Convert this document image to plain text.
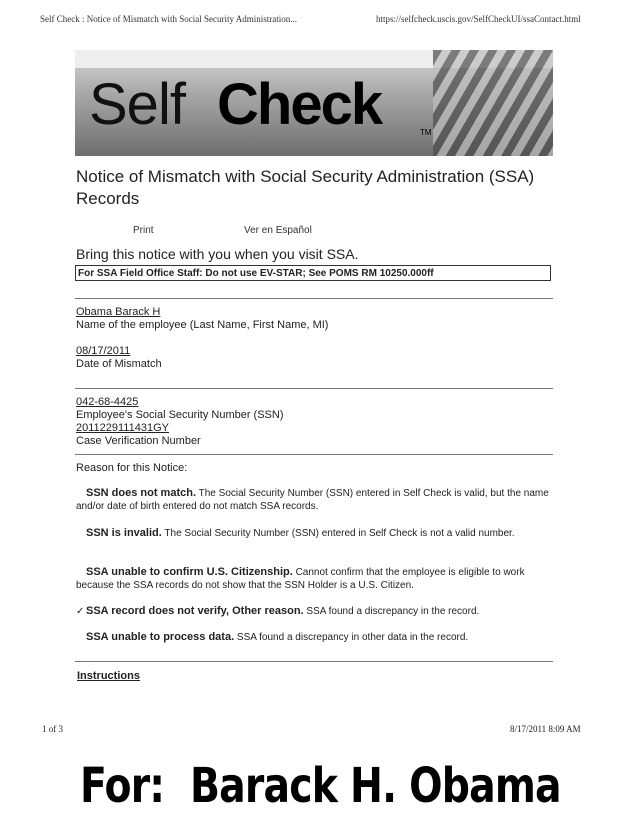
Self Check : Notice of Mismatch with Social Security Administration...	https://selfcheck.uscis.gov/SelfCheckUI/ssaContact.html
Self Check	TM
Notice of Mismatch with Social Security Administration (SSA) Records
Print	Ver en Español
Bring this notice with you when you visit SSA.
For SSA Field Office Staff: Do not use EV-STAR; See POMS RM 10250.000ff
Obama Barack H
Name of the employee (Last Name, First Name, MI)
08/17/2011
Date of Mismatch
042-68-4425
Employee's Social Security Number (SSN)
2011229111431GY
Case Verification Number
Reason for this Notice:
SSN does not match. The Social Security Number (SSN) entered in Self Check is valid, but the name and/or date of birth entered do not match SSA records.
SSN is invalid. The Social Security Number (SSN) entered in Self Check is not a valid number.
SSA unable to confirm U.S. Citizenship. Cannot confirm that the employee is eligible to work because the SSA records do not show that the SSN Holder is a U.S. Citizen.
✓ SSA record does not verify, Other reason. SSA found a discrepancy in the record.
SSA unable to process data. SSA found a discrepancy in other data in the record.
Instructions
1 of 3	8/17/2011 8:09 AM
For:  Barack H. Obama
